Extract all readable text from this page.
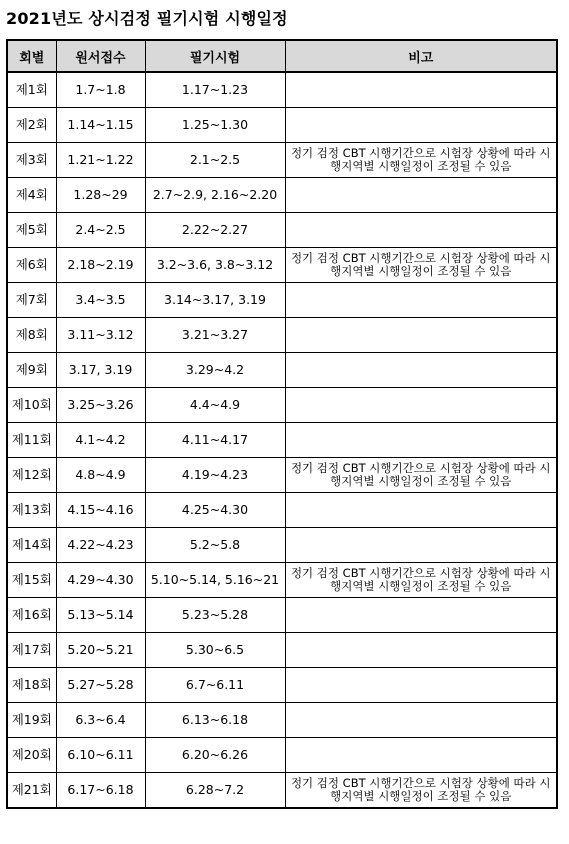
2021년도 상시검정 필기시험 시행일정
회별	원서접수	필기시험	비고
제1회	1.7~1.8	1.17~1.23	
제2회	1.14~1.15	1.25~1.30	
제3회	1.21~1.22	2.1~2.5	정기 검정 CBT 시행기간으로 시험장 상황에 따라 시행지역별 시행일정이 조정될 수 있음
제4회	1.28~29	2.7~2.9, 2.16~2.20	
제5회	2.4~2.5	2.22~2.27	
제6회	2.18~2.19	3.2~3.6, 3.8~3.12	정기 검정 CBT 시행기간으로 시험장 상황에 따라 시행지역별 시행일정이 조정될 수 있음
제7회	3.4~3.5	3.14~3.17, 3.19	
제8회	3.11~3.12	3.21~3.27	
제9회	3.17, 3.19	3.29~4.2	
제10회	3.25~3.26	4.4~4.9	
제11회	4.1~4.2	4.11~4.17	
제12회	4.8~4.9	4.19~4.23	정기 검정 CBT 시행기간으로 시험장 상황에 따라 시행지역별 시행일정이 조정될 수 있음
제13회	4.15~4.16	4.25~4.30	
제14회	4.22~4.23	5.2~5.8	
제15회	4.29~4.30	5.10~5.14, 5.16~21	정기 검정 CBT 시행기간으로 시험장 상황에 따라 시행지역별 시행일정이 조정될 수 있음
제16회	5.13~5.14	5.23~5.28	
제17회	5.20~5.21	5.30~6.5	
제18회	5.27~5.28	6.7~6.11	
제19회	6.3~6.4	6.13~6.18	
제20회	6.10~6.11	6.20~6.26	
제21회	6.17~6.18	6.28~7.2	정기 검정 CBT 시행기간으로 시험장 상황에 따라 시행지역별 시행일정이 조정될 수 있음
